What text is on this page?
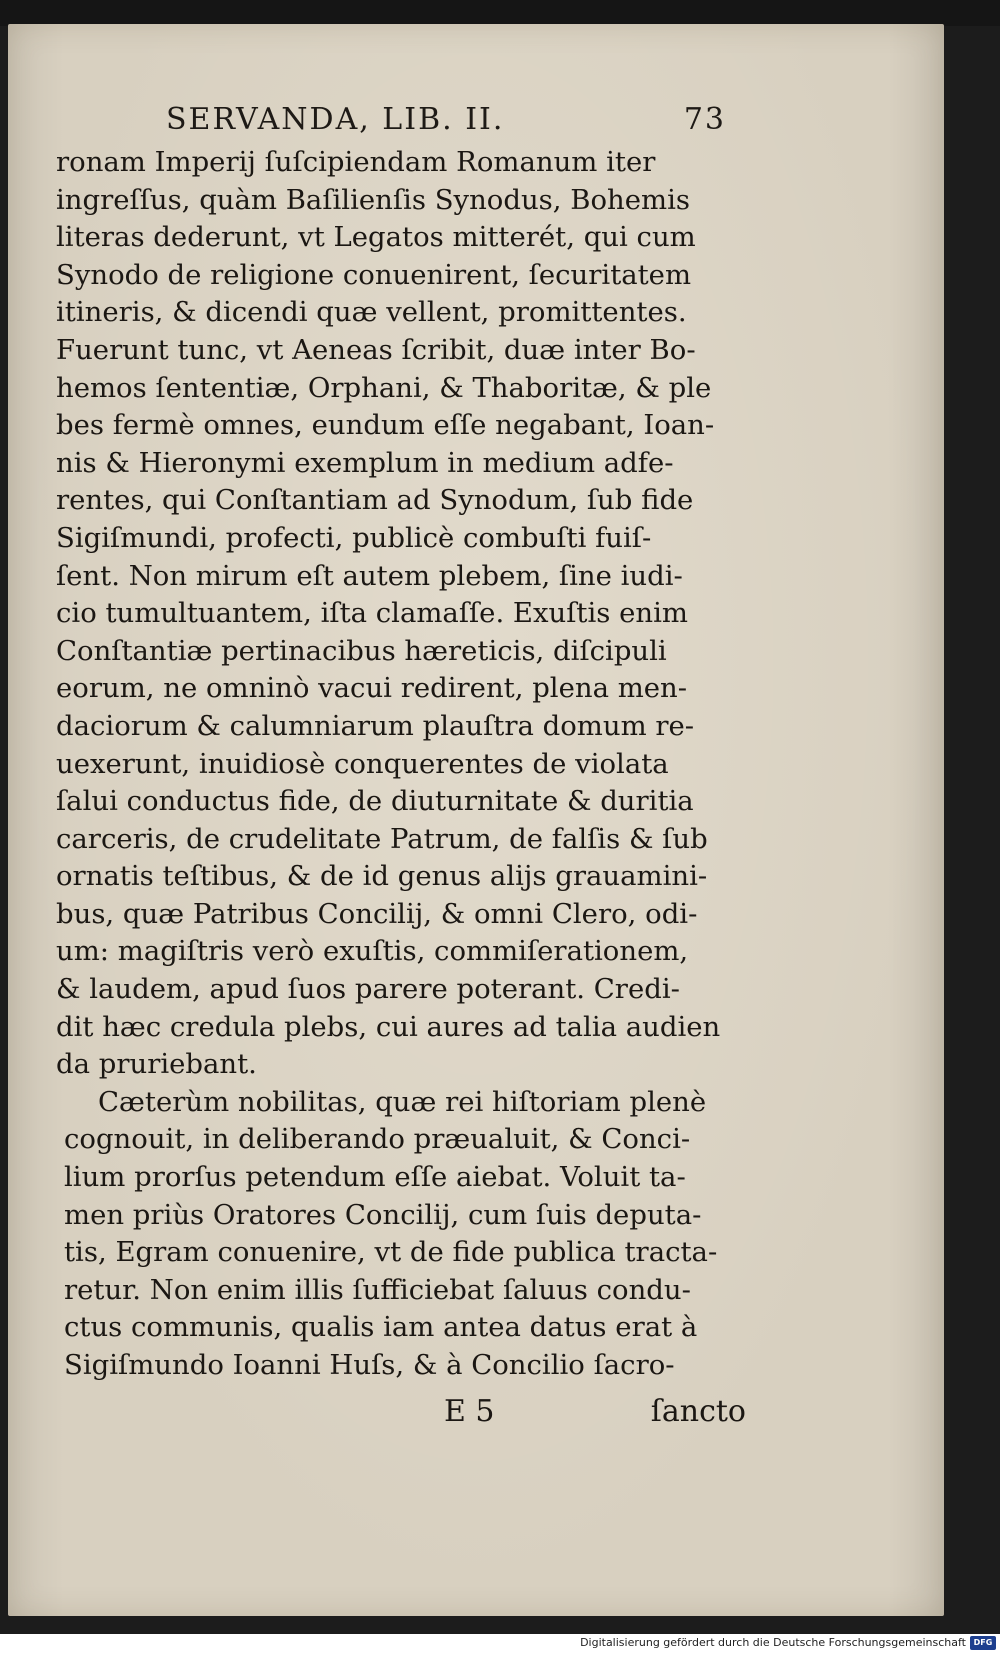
SERVANDA, LIB. II.	73
ronam Imperij ſuſcipiendam Romanum iter
ingreſſus, quàm Baſilienſis Synodus, Bohemis
literas dederunt, vt Legatos mitterét, qui cum
Synodo de religione conuenirent, ſecuritatem
itineris, & dicendi quæ vellent, promittentes.
Fuerunt tunc, vt Aeneas ſcribit, duæ inter Bo-
hemos ſententiæ, Orphani, & Thaboritæ, & ple
bes fermè omnes, eundum eſſe negabant, Ioan-
nis & Hieronymi exemplum in medium adfe-
rentes, qui Conſtantiam ad Synodum, ſub fide
Sigiſmundi, profecti, publicè combuſti fuiſ-
ſent. Non mirum eſt autem plebem, ſine iudi-
cio tumultuantem, iſta clamaſſe. Exuſtis enim
Conſtantiæ pertinacibus hæreticis, diſcipuli
eorum, ne omninò vacui redirent, plena men-
daciorum & calumniarum plauſtra domum re-
uexerunt, inuidiosè conquerentes de violata
ſalui conductus fide, de diuturnitate & duritia
carceris, de crudelitate Patrum, de falſis & ſub
ornatis teſtibus, & de id genus alijs grauamini-
bus, quæ Patribus Concilij, & omni Clero, odi-
um: magiſtris verò exuſtis, commiſerationem,
& laudem, apud ſuos parere poterant. Credi-
dit hæc credula plebs, cui aures ad talia audien
da pruriebant.
Cæterùm nobilitas, quæ rei hiſtoriam plenè
cognouit, in deliberando præualuit, & Conci-
lium prorſus petendum eſſe aiebat. Voluit ta-
men priùs Oratores Concilij, cum ſuis deputa-
tis, Egram conuenire, vt de fide publica tracta-
retur. Non enim illis ſufficiebat ſaluus condu-
ctus communis, qualis iam antea datus erat à
Sigiſmundo Ioanni Huſs, & à Concilio ſacro-
E 5	ſancto
Digitalisierung gefördert durch die Deutsche Forschungsgemeinschaft DFG
